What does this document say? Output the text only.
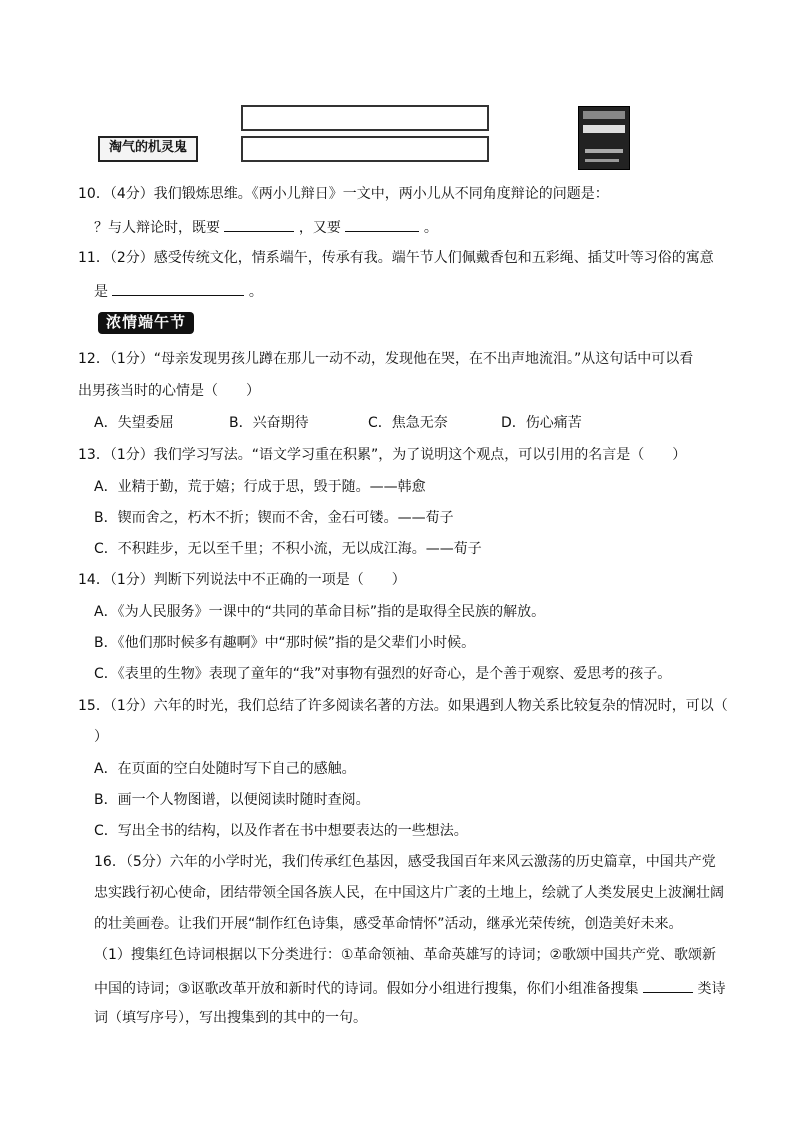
淘气的机灵鬼
10．（4分）我们锻炼思维。《两小儿辩日》一文中，两小儿从不同角度辩论的问题是：
？与人辩论时，既要	，又要	。
11．（2分）感受传统文化，情系端午，传承有我。端午节人们佩戴香包和五彩绳、插艾叶等习俗的寓意
是	。
浓情端午节
12．（1分）“母亲发现男孩儿蹲在那儿一动不动，发现他在哭，在不出声地流泪。”从这句话中可以看
出男孩当时的心情是（　　）
A．失望委屈	B．兴奋期待	C．焦急无奈	D．伤心痛苦
13．（1分）我们学习写法。“语文学习重在积累”，为了说明这个观点，可以引用的名言是（　　）
A．业精于勤，荒于嬉；行成于思，毁于随。——韩愈
B．锲而舍之，朽木不折；锲而不舍，金石可镂。——荀子
C．不积跬步，无以至千里；不积小流，无以成江海。——荀子
14．（1分）判断下列说法中不正确的一项是（　　）
A．《为人民服务》一课中的“共同的革命目标”指的是取得全民族的解放。
B．《他们那时候多有趣啊》中“那时候”指的是父辈们小时候。
C．《表里的生物》表现了童年的“我”对事物有强烈的好奇心，是个善于观察、爱思考的孩子。
15．（1分）六年的时光，我们总结了许多阅读名著的方法。如果遇到人物关系比较复杂的情况时，可以（
）
A．在页面的空白处随时写下自己的感触。
B．画一个人物图谱，以便阅读时随时查阅。
C．写出全书的结构，以及作者在书中想要表达的一些想法。
16．（5分）六年的小学时光，我们传承红色基因，感受我国百年来风云激荡的历史篇章，中国共产党
忠实践行初心使命，团结带领全国各族人民，在中国这片广袤的土地上，绘就了人类发展史上波澜壮阔
的壮美画卷。让我们开展“制作红色诗集，感受革命情怀”活动，继承光荣传统，创造美好未来。
（1）搜集红色诗词根据以下分类进行：①革命领袖、革命英雄写的诗词；②歌颂中国共产党、歌颂新
中国的诗词；③讴歌改革开放和新时代的诗词。假如分小组进行搜集，你们小组准备搜集	类诗
词（填写序号），写出搜集到的其中的一句。
